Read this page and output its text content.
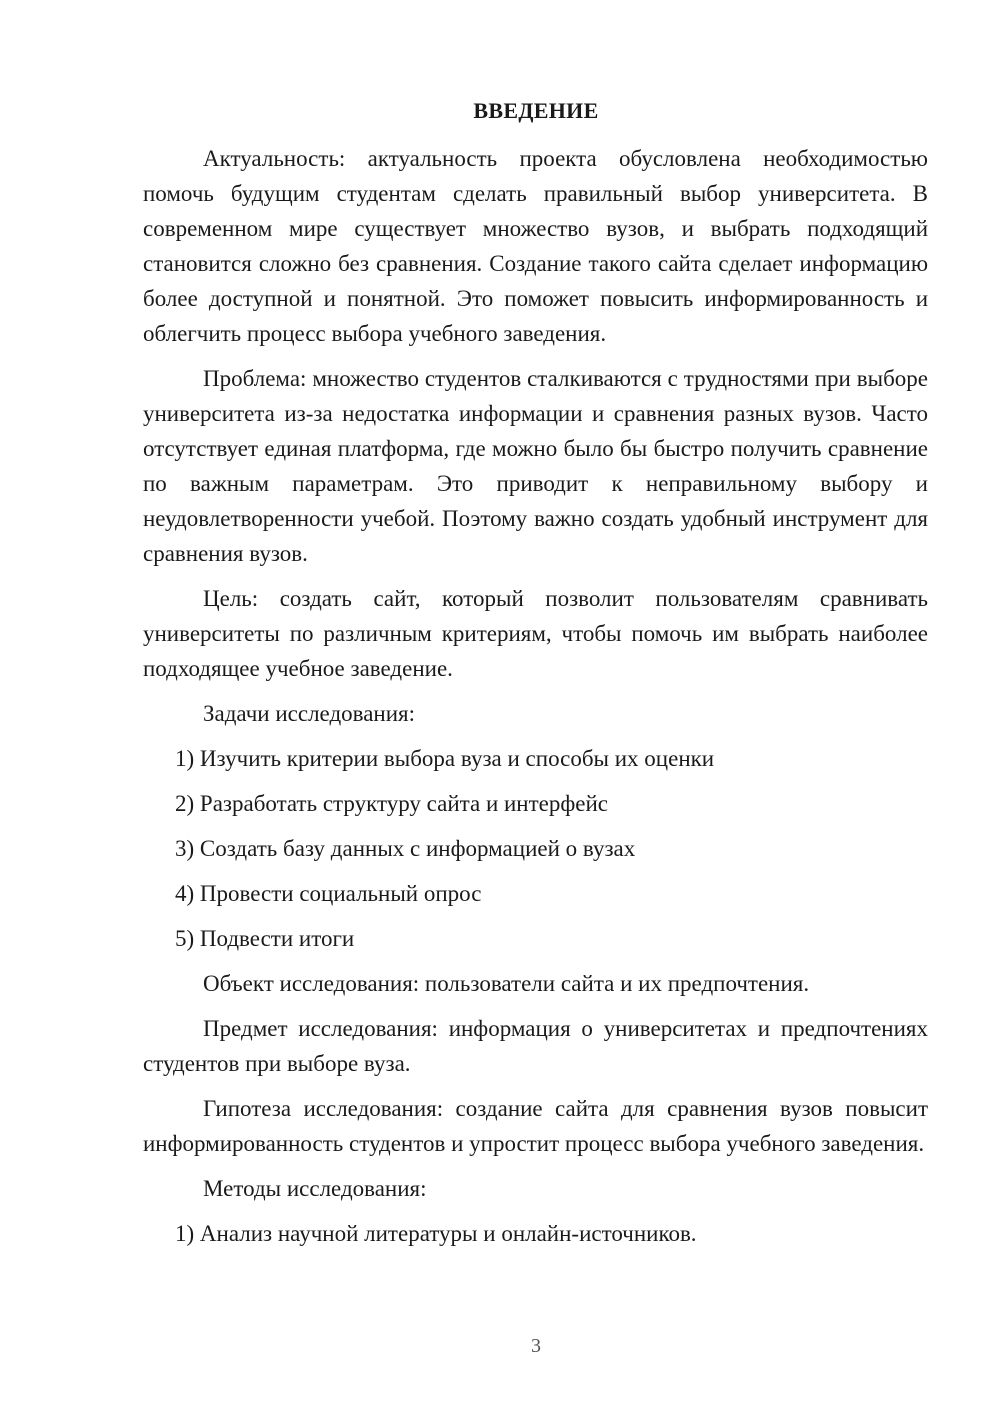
ВВЕДЕНИЕ

Актуальность: актуальность проекта обусловлена необходимостью помочь будущим студентам сделать правильный выбор университета. В современном мире существует множество вузов, и выбрать подходящий становится сложно без сравнения. Создание такого сайта сделает информацию более доступной и понятной. Это поможет повысить информированность и облегчить процесс выбора учебного заведения.

Проблема: множество студентов сталкиваются с трудностями при выборе университета из-за недостатка информации и сравнения разных вузов. Часто отсутствует единая платформа, где можно было бы быстро получить сравнение по важным параметрам. Это приводит к неправильному выбору и неудовлетворенности учебой. Поэтому важно создать удобный инструмент для сравнения вузов.

Цель: создать сайт, который позволит пользователям сравнивать университеты по различным критериям, чтобы помочь им выбрать наиболее подходящее учебное заведение.

Задачи исследования:

1) Изучить критерии выбора вуза и способы их оценки
2) Разработать структуру сайта и интерфейс
3) Создать базу данных с информацией о вузах
4) Провести социальный опрос
5) Подвести итоги

Объект исследования: пользователи сайта и их предпочтения.

Предмет исследования: информация о университетах и предпочтениях студентов при выборе вуза.

Гипотеза исследования: создание сайта для сравнения вузов повысит информированность студентов и упростит процесс выбора учебного заведения.

Методы исследования:

1) Анализ научной литературы и онлайн-источников.
3
